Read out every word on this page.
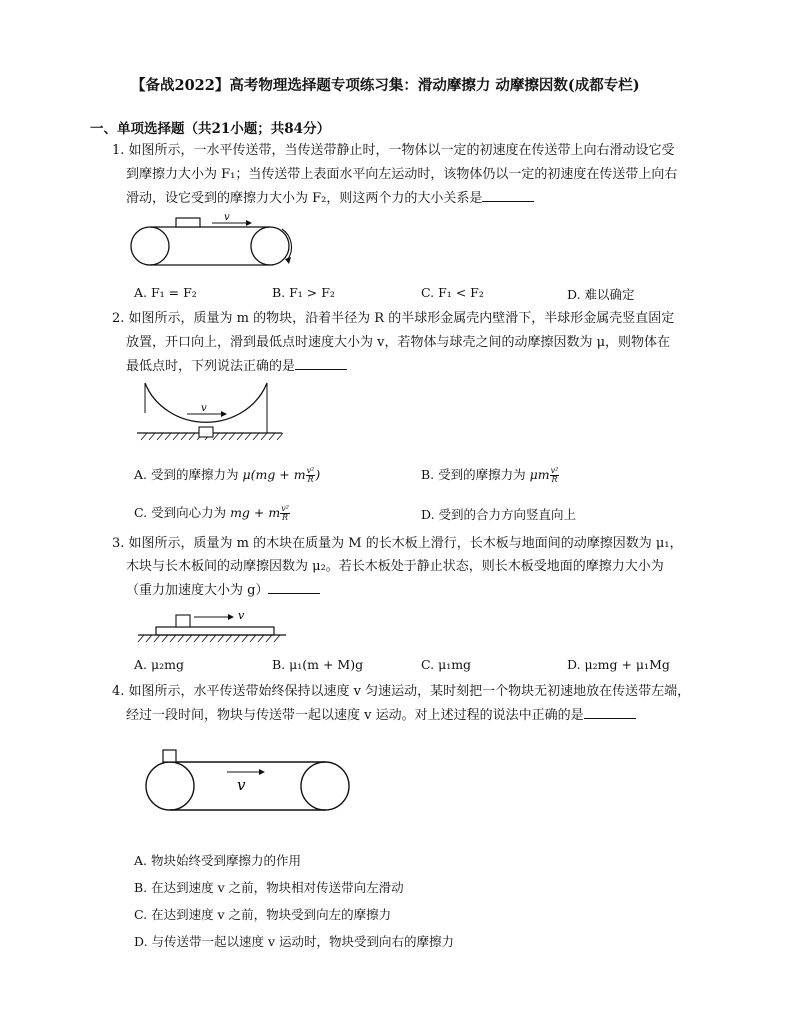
【备战2022】高考物理选择题专项练习集：滑动摩擦力 动摩擦因数(成都专栏)
一、单项选择题（共21小题；共84分）
1. 如图所示，一水平传送带，当传送带静止时，一物体以一定的初速度在传送带上向右滑动设它受
到摩擦力大小为 F₁；当传送带上表面水平向左运动时，该物体仍以一定的初速度在传送带上向右
滑动，设它受到的摩擦力大小为 F₂，则这两个力的大小关系是
v
A. F₁ = F₂	B. F₁ > F₂	C. F₁ < F₂	D. 难以确定
2. 如图所示，质量为 m 的物块，沿着半径为 R 的半球形金属壳内壁滑下，半球形金属壳竖直固定
放置，开口向上，滑到最低点时速度大小为 v，若物体与球壳之间的动摩擦因数为 μ，则物体在
最低点时，下列说法正确的是
v
A. 受到的摩擦力为 μ(mg + m $\frac{\text{v²}}{R}$ )	B. 受到的摩擦力为 μm $\frac{\text{v²}}{R}$
C. 受到向心力为 mg + m $\frac{\text{v²}}{R}$	D. 受到的合力方向竖直向上
3. 如图所示，质量为 m 的木块在质量为 M 的长木板上滑行，长木板与地面间的动摩擦因数为 μ₁，
木块与长木板间的动摩擦因数为 μ₂。若长木板处于静止状态，则长木板受地面的摩擦力大小为
（重力加速度大小为 g）
v
A. μ₂mg	B. μ₁(m + M)g	C. μ₁mg	D. μ₂mg + μ₁Mg
4. 如图所示，水平传送带始终保持以速度 v 匀速运动，某时刻把一个物块无初速地放在传送带左端，
经过一段时间，物块与传送带一起以速度 v 运动。对上述过程的说法中正确的是
v
A. 物块始终受到摩擦力的作用
B. 在达到速度 v 之前，物块相对传送带向左滑动
C. 在达到速度 v 之前，物块受到向左的摩擦力
D. 与传送带一起以速度 v 运动时，物块受到向右的摩擦力
